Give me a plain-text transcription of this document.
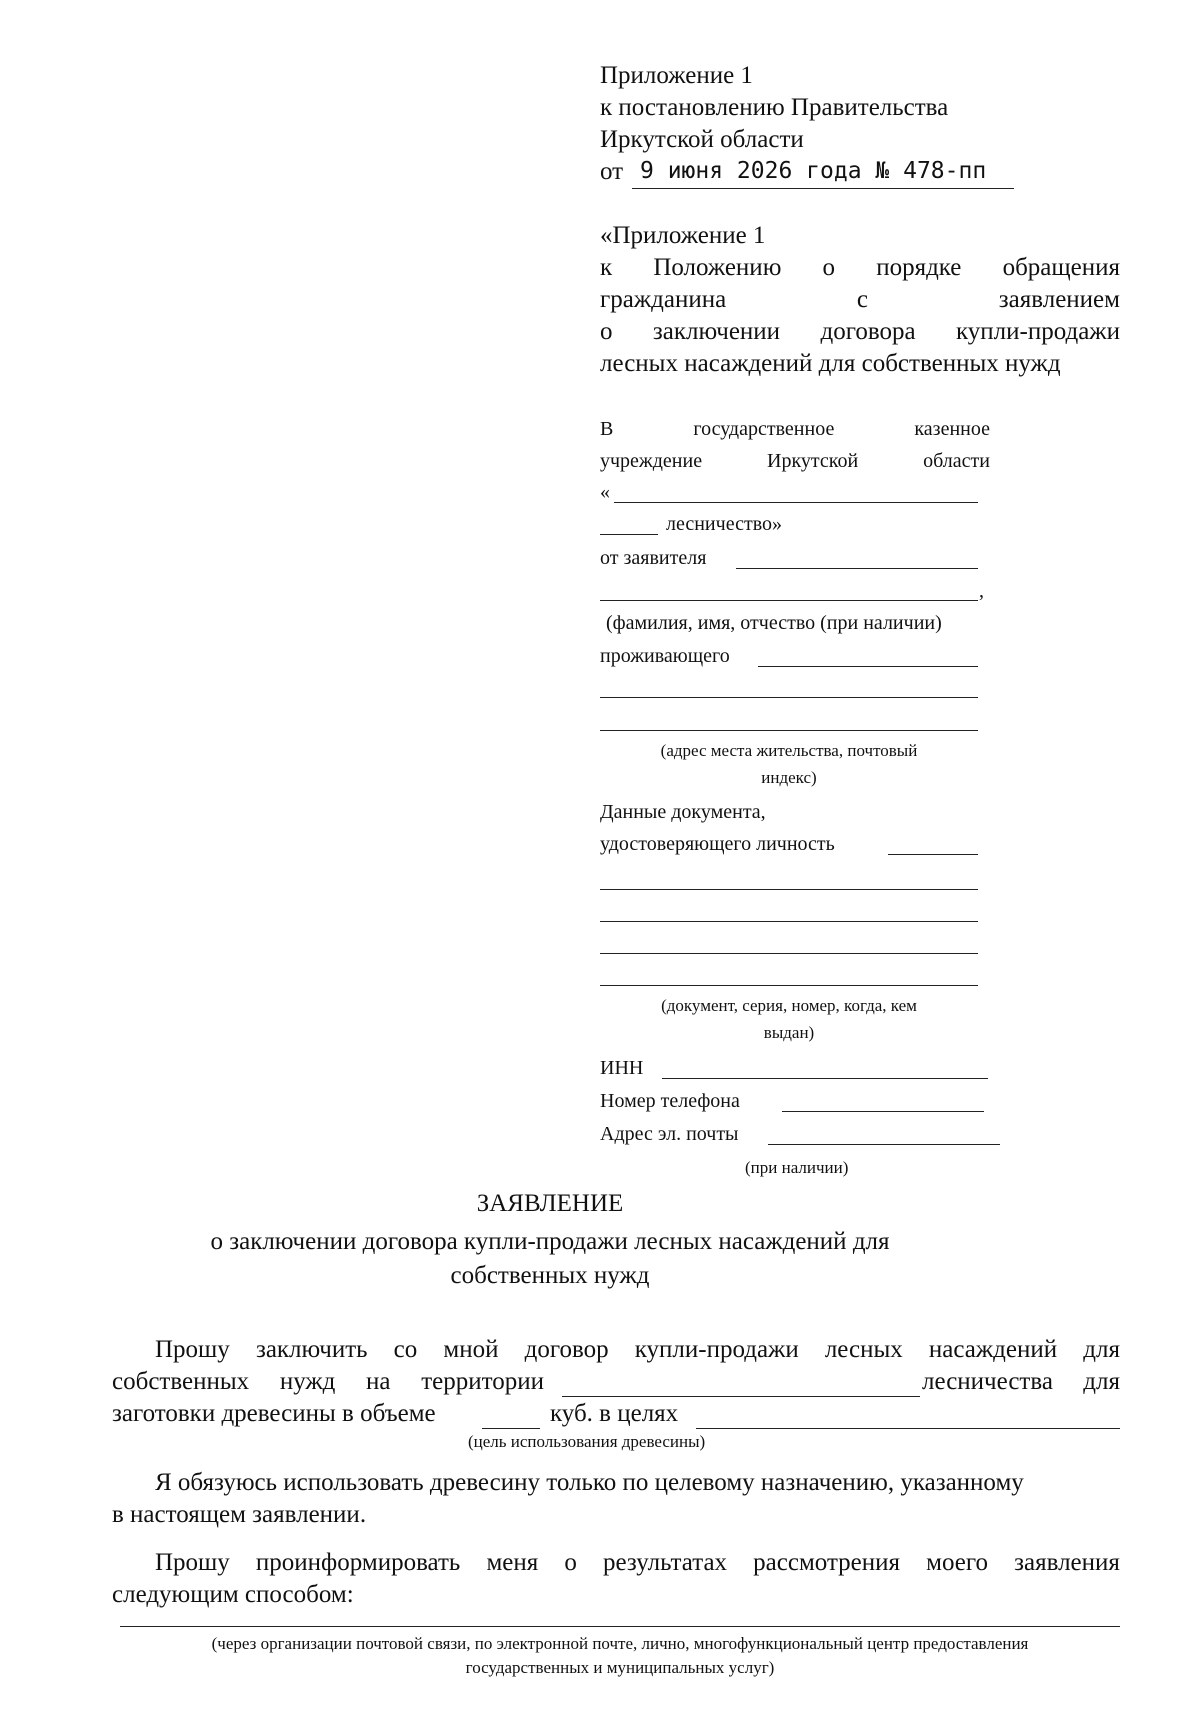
Приложение 1
к постановлению Правительства
Иркутской области
от 9 июня 2026 года № 478-пп
«Приложение 1
к Положению о порядке обращения
гражданина	с	заявлением
о заключении договора купли-продажи
лесных насаждений для собственных нужд
В	государственное	казенное
учреждение	Иркутской	области
«
лесничество»
от заявителя
,
(фамилия, имя, отчество (при наличии)
проживающего
(адрес места жительства, почтовый
индекс)
Данные документа,
удостоверяющего личность
(документ, серия, номер, когда, кем
выдан)
ИНН
Номер телефона
Адрес эл. почты
(при наличии)
ЗАЯВЛЕНИЕ
о заключении договора купли-продажи лесных насаждений для
собственных нужд
Прошу заключить со мной договор купли-продажи лесных насаждений для
собственных нужд на территории	лесничества для
заготовки древесины в объеме	куб. в целях
(цель использования древесины)
Я обязуюсь использовать древесину только по целевому назначению, указанному
в настоящем заявлении.
Прошу проинформировать меня о результатах рассмотрения моего заявления
следующим способом:
(через организации почтовой связи, по электронной почте, лично, многофункциональный центр предоставления
государственных и муниципальных услуг)
